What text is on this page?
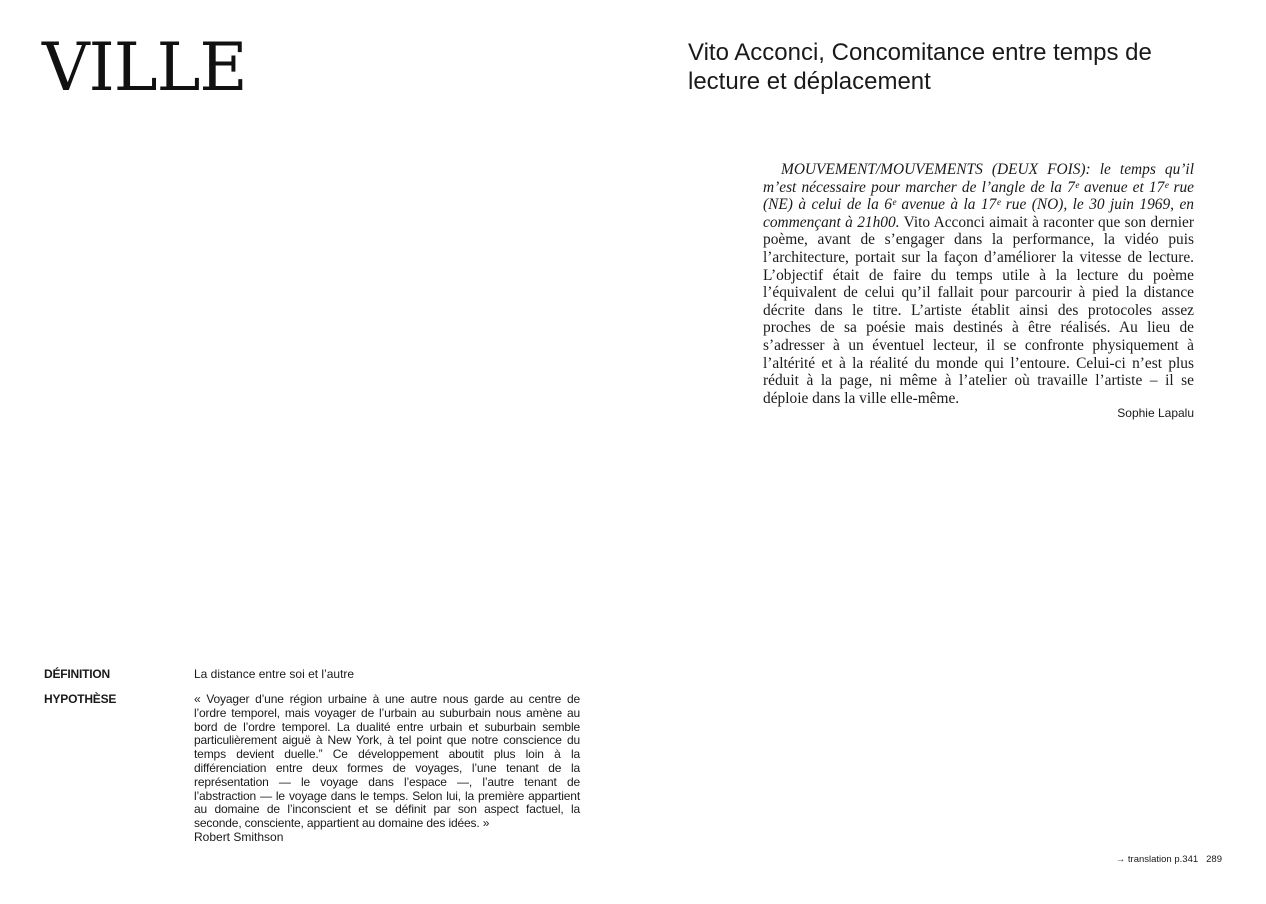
VILLE	Vito Acconci, Concomitance entre temps de lecture et déplacement

MOUVEMENT/MOUVEMENTS (DEUX FOIS): le temps qu’il m’est nécessaire pour marcher de l’angle de la 7ᵉ avenue et 17ᵉ rue (NE) à celui de la 6ᵉ avenue à la 17ᵉ rue (NO), le 30 juin 1969, en commençant à 21h00. Vito Acconci aimait à raconter que son dernier poème, avant de s’engager dans la performance, la vidéo puis l’architecture, portait sur la façon d’améliorer la vitesse de lecture. L’objectif était de faire du temps utile à la lecture du poème l’équivalent de celui qu’il fallait pour parcourir à pied la distance décrite dans le titre. L’artiste établit ainsi des protocoles assez proches de sa poésie mais destinés à être réalisés. Au lieu de s’adresser à un éventuel lecteur, il se confronte physiquement à l’altérité et à la réalité du monde qui l’entoure. Celui-ci n’est plus réduit à la page, ni même à l’atelier où travaille l’artiste – il se déploie dans la ville elle-même.

Sophie Lapalu

DÉFINITION	La distance entre soi et l’autre
HYPOTHÈSE	« Voyager d’une région urbaine à une autre nous garde au centre de l’ordre temporel, mais voyager de l’urbain au suburbain nous amène au bord de l’ordre temporel. La dualité entre urbain et suburbain semble particulièrement aiguë à New York, à tel point que notre conscience du temps devient duelle.” Ce développement aboutit plus loin à la différenciation entre deux formes de voyages, l’une tenant de la représentation — le voyage dans l’espace —, l’autre tenant de l’abstraction — le voyage dans le temps. Selon lui, la première appartient au domaine de l’inconscient et se définit par son aspect factuel, la seconde, consciente, appartient au domaine des idées. »
Robert Smithson
→ translation p.341 289
